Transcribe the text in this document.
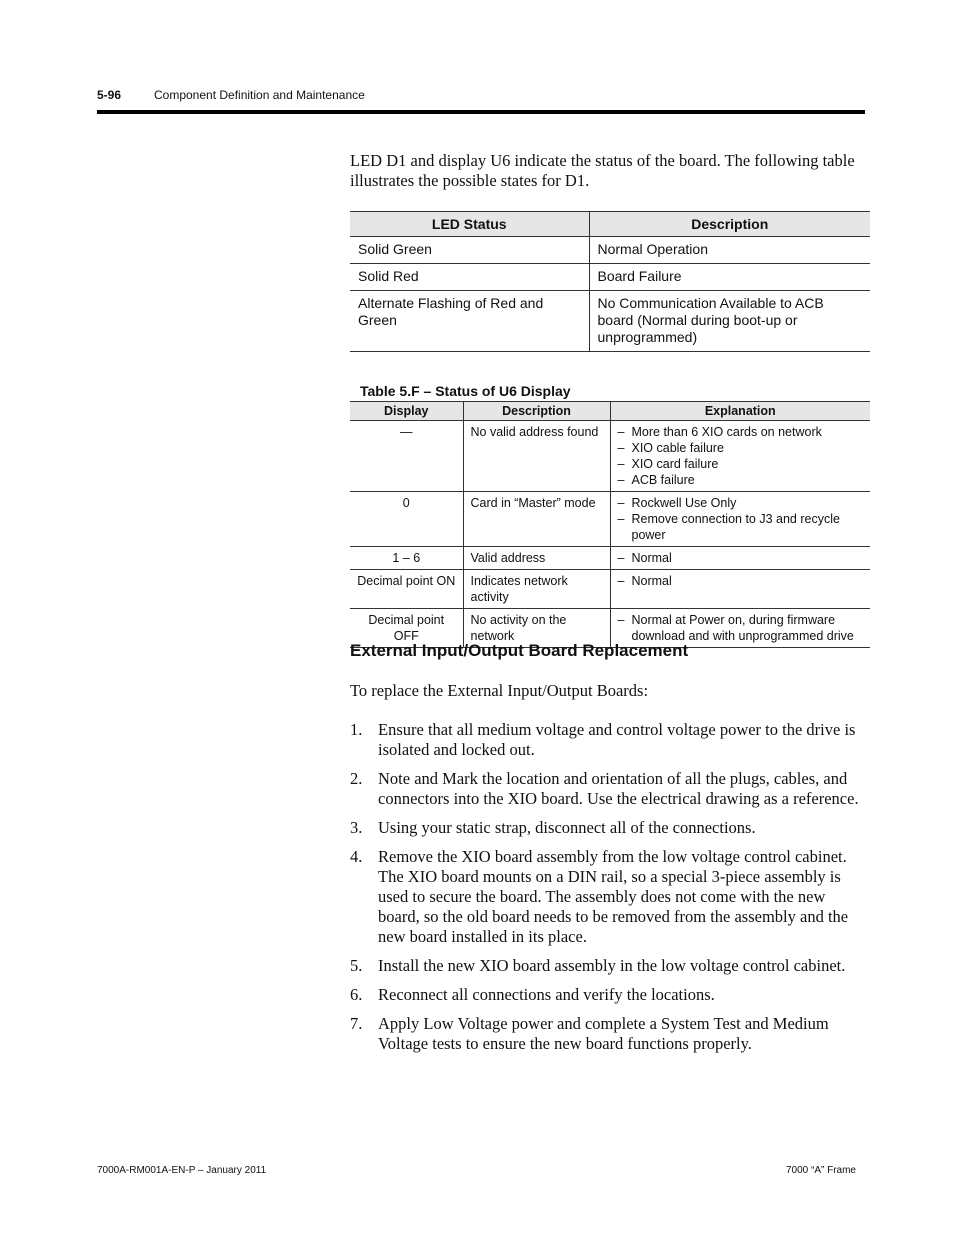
5-96	Component Definition and Maintenance
LED D1 and display U6 indicate the status of the board. The following table illustrates the possible states for D1.
LED Status	Description
Solid Green	Normal Operation
Solid Red	Board Failure
Alternate Flashing of Red and Green	No Communication Available to ACB board (Normal during boot-up or unprogrammed)
Table 5.F – Status of U6 Display
Display	Description	Explanation
—	No valid address found	– More than 6 XIO cards on network
– XIO cable failure
– XIO card failure
– ACB failure

0	Card in “Master” mode	– Rockwell Use Only
– Remove connection to J3 and recycle power

1 – 6	Valid address	– Normal

Decimal point ON	Indicates network activity	– Normal

Decimal point OFF	No activity on the network	– Normal at Power on, during firmware download and with unprogrammed drive
External Input/Output Board Replacement
To replace the External Input/Output Boards:
1. Ensure that all medium voltage and control voltage power to the drive is isolated and locked out.
2. Note and Mark the location and orientation of all the plugs, cables, and connectors into the XIO board. Use the electrical drawing as a reference.
3. Using your static strap, disconnect all of the connections.
4. Remove the XIO board assembly from the low voltage control cabinet. The XIO board mounts on a DIN rail, so a special 3-piece assembly is used to secure the board. The assembly does not come with the new board, so the old board needs to be removed from the assembly and the new board installed in its place.
5. Install the new XIO board assembly in the low voltage control cabinet.
6. Reconnect all connections and verify the locations.
7. Apply Low Voltage power and complete a System Test and Medium Voltage tests to ensure the new board functions properly.
7000A-RM001A-EN-P – January 2011	7000 “A” Frame
